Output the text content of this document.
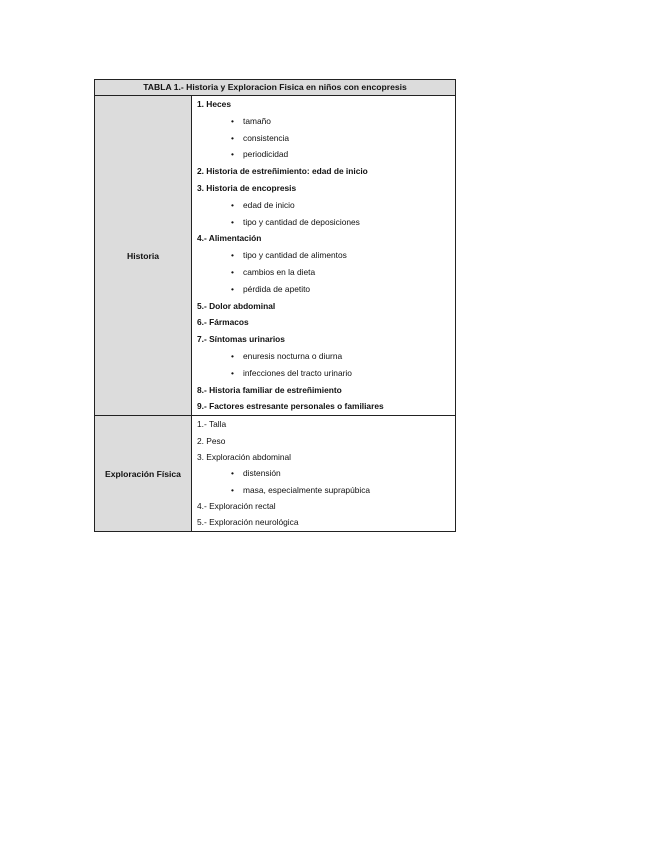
TABLA 1.- Historia y Exploracion Fisica en niños con encopresis
Historia
1. Heces
• tamaño
• consistencia
• periodicidad
2. Historia de estreñimiento: edad de inicio
3. Historia de encopresis
• edad de inicio
• tipo y cantidad de deposiciones
4.- Alimentación
• tipo y cantidad de alimentos
• cambios en la dieta
• pérdida de apetito
5.- Dolor abdominal
6.- Fármacos
7.- Síntomas urinarios
• enuresis nocturna o diurna
• infecciones del tracto urinario
8.- Historia familiar de estreñimiento
9.- Factores estresante personales o familiares
Exploración Física
1.- Talla
2. Peso
3. Exploración abdominal
• distensión
• masa, especialmente suprapúbica
4.- Exploración rectal
5.- Exploración neurológica
